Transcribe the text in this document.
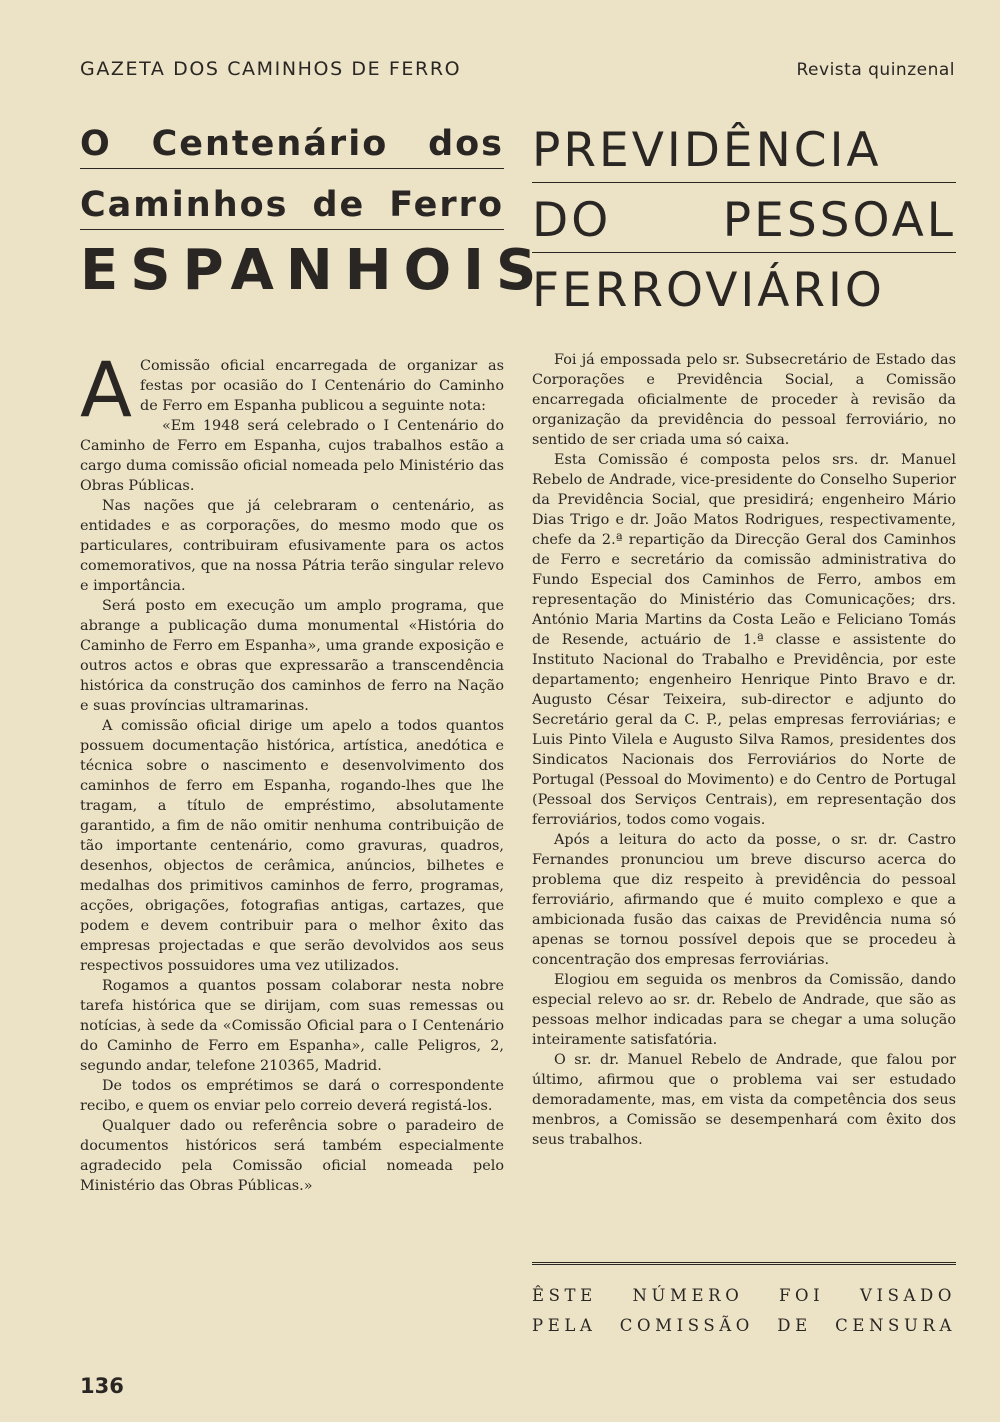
GAZETA DOS CAMINHOS DE FERRO	Revista quinzenal
O Centenário dos
Caminhos de Ferro
ESPANHOIS
PREVIDÊNCIA
DO PESSOAL
FERROVIÁRIO

A Comissão oficial encarregada de organizar as festas por ocasião do I Centenário do Caminho de Ferro em Espanha publicou a seguinte nota:

«Em 1948 será celebrado o I Centenário do Caminho de Ferro em Espanha, cujos trabalhos estão a cargo duma comissão oficial nomeada pelo Ministério das Obras Públicas.

Nas nações que já celebraram o centenário, as entidades e as corporações, do mesmo modo que os particulares, contribuiram efusivamente para os actos comemorativos, que na nossa Pátria terão singular relevo e importância.

Será posto em execução um amplo programa, que abrange a publicação duma monumental «História do Caminho de Ferro em Espanha», uma grande exposição e outros actos e obras que expressarão a transcendência histórica da construção dos caminhos de ferro na Nação e suas províncias ultramarinas.

A comissão oficial dirige um apelo a todos quantos possuem documentação histórica, artística, anedótica e técnica sobre o nascimento e desenvolvimento dos caminhos de ferro em Espanha, rogando-lhes que lhe tragam, a título de empréstimo, absolutamente garantido, a fim de não omitir nenhuma contribuição de tão importante centenário, como gravuras, quadros, desenhos, objectos de cerâmica, anúncios, bilhetes e medalhas dos primitivos caminhos de ferro, programas, acções, obrigações, fotografias antigas, cartazes, que podem e devem contribuir para o melhor êxito das empresas projectadas e que serão devolvidos aos seus respectivos possuidores uma vez utilizados.

Rogamos a quantos possam colaborar nesta nobre tarefa histórica que se dirijam, com suas remessas ou notícias, à sede da «Comissão Oficial para o I Centenário do Caminho de Ferro em Espanha», calle Peligros, 2, segundo andar, telefone 210365, Madrid.

De todos os emprétimos se dará o correspondente recibo, e quem os enviar pelo correio deverá registá-los.

Qualquer dado ou referência sobre o paradeiro de documentos históricos será também especialmente agradecido pela Comissão oficial nomeada pelo Ministério das Obras Públicas.»

Foi já empossada pelo sr. Subsecretário de Estado das Corporações e Previdência Social, a Comissão encarregada oficialmente de proceder à revisão da organização da previdência do pessoal ferroviário, no sentido de ser criada uma só caixa.

Esta Comissão é composta pelos srs. dr. Manuel Rebelo de Andrade, vice-presidente do Conselho Superior da Previdência Social, que presidirá; engenheiro Mário Dias Trigo e dr. João Matos Rodrigues, respectivamente, chefe da 2.ª repartição da Direcção Geral dos Caminhos de Ferro e secretário da comissão administrativa do Fundo Especial dos Caminhos de Ferro, ambos em representação do Ministério das Comunicações; drs. António Maria Martins da Costa Leão e Feliciano Tomás de Resende, actuário de 1.ª classe e assistente do Instituto Nacional do Trabalho e Previdência, por este departamento; engenheiro Henrique Pinto Bravo e dr. Augusto César Teixeira, sub-director e adjunto do Secretário geral da C. P., pelas empresas ferroviárias; e Luis Pinto Vilela e Augusto Silva Ramos, presidentes dos Sindicatos Nacionais dos Ferroviários do Norte de Portugal (Pessoal do Movimento) e do Centro de Portugal (Pessoal dos Serviços Centrais), em representação dos ferroviários, todos como vogais.

Após a leitura do acto da posse, o sr. dr. Castro Fernandes pronunciou um breve discurso acerca do problema que diz respeito à previdência do pessoal ferroviário, afirmando que é muito complexo e que a ambicionada fusão das caixas de Previdência numa só apenas se tornou possível depois que se procedeu à concentração dos empresas ferroviárias.

Elogiou em seguida os menbros da Comissão, dando especial relevo ao sr. dr. Rebelo de Andrade, que são as pessoas melhor indicadas para se chegar a uma solução inteiramente satisfatória.

O sr. dr. Manuel Rebelo de Andrade, que falou por último, afirmou que o problema vai ser estudado demoradamente, mas, em vista da competência dos seus menbros, a Comissão se desempenhará com êxito dos seus trabalhos.

ÊSTE NÚMERO FOI VISADO
PELA COMISSÃO DE CENSURA
136
